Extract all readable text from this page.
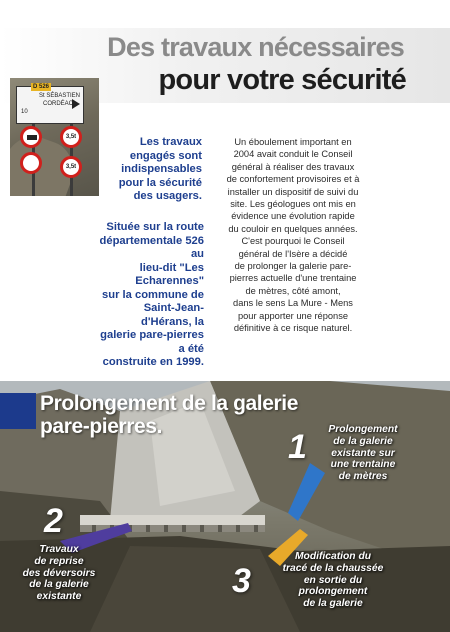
Des travaux nécessaires
pour votre sécurité
D 526
St SÉBASTIEN
CORDÉAC
10
3,5t
3,5t
Les travaux
engagés sont
indispensables
pour la sécurité
des usagers.
Située sur la route
départementale 526 au
lieu-dit "Les Echarennes"
sur la commune de
Saint-Jean-d'Hérans, la
galerie pare-pierres a été
construite en 1999.

Un éboulement important en

2004 avait conduit le Conseil

général à réaliser des travaux

de confortement provisoires et à

installer un dispositif de suivi du

site. Les géologues ont mis en

évidence une évolution rapide

du couloir en quelques années.

C'est pourquoi le Conseil

général de l'Isère a décidé

de prolonger la galerie pare-

pierres actuelle d'une trentaine

de mètres, côté amont,

dans le sens La Mure - Mens

pour apporter une réponse

définitive à ce risque naturel.

Prolongement de la galerie
pare-pierres.
1	Prolongement
de la galerie
existante sur
une trentaine
de mètres
2
Travaux
de reprise
des déversoirs
de la galerie
existante	3
Modification du
tracé de la chaussée
en sortie du
prolongement
de la galerie
